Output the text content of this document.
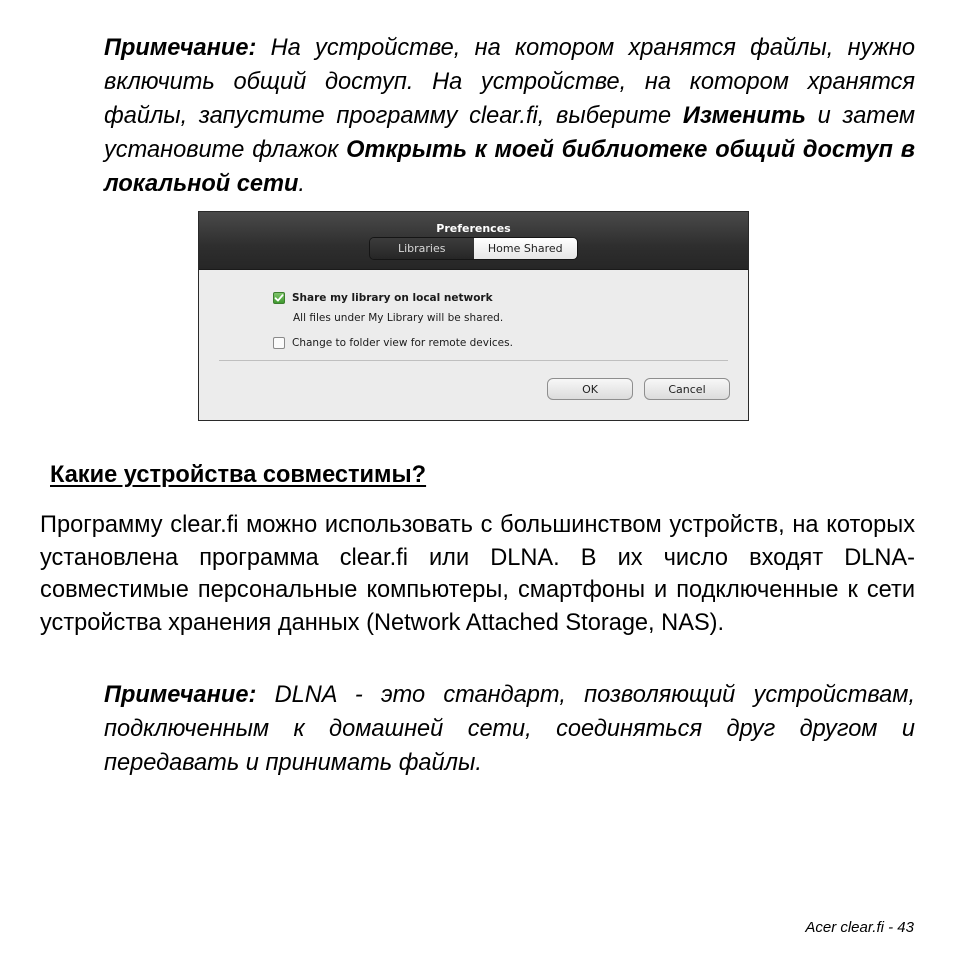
Примечание: На устройстве, на котором хранятся файлы, нужно включить общий доступ. На устройстве, на котором хранятся файлы, запустите программу clear.fi, выберите Изменить и затем установите флажок Открыть к моей библиотеке общий доступ в локальной сети.
Preferences
Libraries	Home Shared
Share my library on local network
All files under My Library will be shared.
Change to folder view for remote devices.
OK	Cancel
Какие устройства совместимы?
Программу clear.fi можно использовать с большинством устройств, на которых установлена программа clear.fi или DLNA. В их число входят DLNA-совместимые персональные компьютеры, смартфоны и подключенные к сети устройства хранения данных (Network Attached Storage, NAS).
Примечание: DLNA - это стандарт, позволяющий устройствам, подключенным к домашней сети, соединяться друг другом и передавать и принимать файлы.
Acer clear.fi - 43
